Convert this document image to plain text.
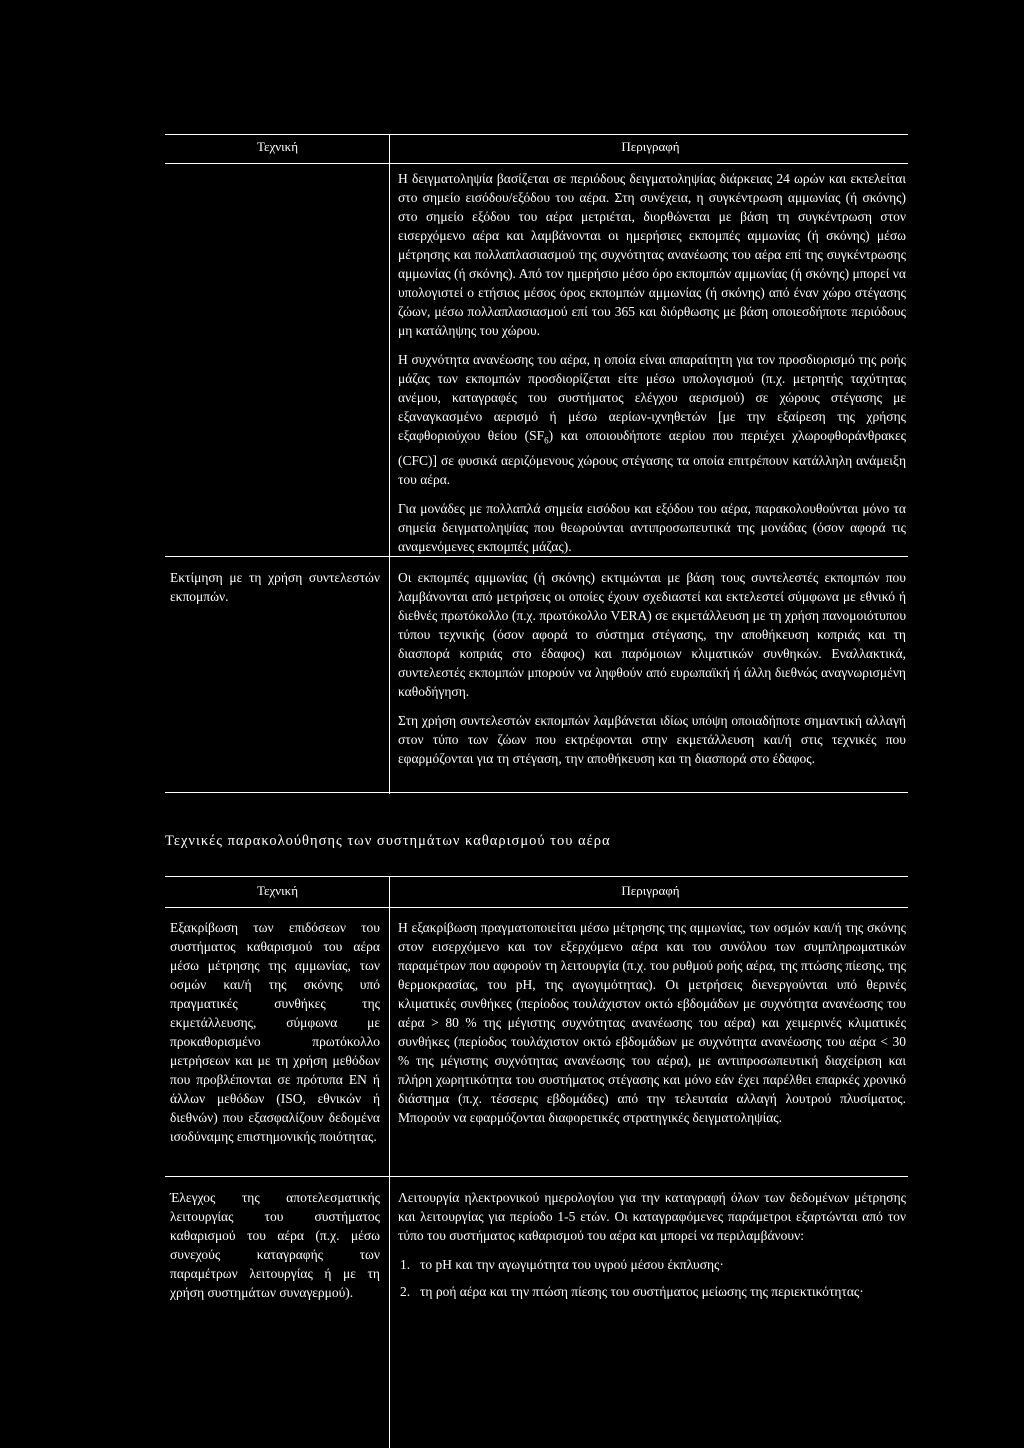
Τεχνική	Περιγραφή

Η δειγματοληψία βασίζεται σε περιόδους δειγματοληψίας διάρκειας 24 ωρών και εκτελείται στο σημείο εισόδου/εξόδου του αέρα. Στη συνέχεια, η συγκέντρωση αμμωνίας (ή σκόνης) στο σημείο εξόδου του αέρα μετριέται, διορθώνεται με βάση τη συγκέντρωση στον εισερχόμενο αέρα και λαμβάνονται οι ημερήσιες εκπομπές αμμωνίας (ή σκόνης) μέσω μέτρησης και πολλαπλασιασμού της συχνότητας ανανέωσης του αέρα επί της συγκέντρωσης αμμωνίας (ή σκόνης). Από τον ημερήσιο μέσο όρο εκπομπών αμμωνίας (ή σκόνης) μπορεί να υπολογιστεί ο ετήσιος μέσος όρος εκπομπών αμμωνίας (ή σκόνης) από έναν χώρο στέγασης ζώων, μέσω πολλαπλασιασμού επί του 365 και διόρθωσης με βάση οποιεσδήποτε περιόδους μη κατάληψης του χώρου.

Η συχνότητα ανανέωσης του αέρα, η οποία είναι απαραίτητη για τον προσδιορισμό της ροής μάζας των εκπομπών προσδιορίζεται είτε μέσω υπολογισμού (π.χ. μετρητής ταχύτητας ανέμου, καταγραφές του συστήματος ελέγχου αερισμού) σε χώρους στέγασης με εξαναγκασμένο αερισμό ή μέσω αερίων-ιχνηθετών [με την εξαίρεση της χρήσης εξαφθοριούχου θείου $(SF_6)$ και οποιουδήποτε αερίου που περιέχει χλωροφθοράνθρακες (CFC)] σε φυσικά αεριζόμενους χώρους στέγασης τα οποία επιτρέπουν κατάλληλη ανάμειξη του αέρα.

Για μονάδες με πολλαπλά σημεία εισόδου και εξόδου του αέρα, παρακολουθούνται μόνο τα σημεία δειγματοληψίας που θεωρούνται αντιπροσωπευτικά της μονάδας (όσον αφορά τις αναμενόμενες εκπομπές μάζας).

Εκτίμηση με τη χρήση συντελεστών εκπομπών.

Οι εκπομπές αμμωνίας (ή σκόνης) εκτιμώνται με βάση τους συντελεστές εκπομπών που λαμβάνονται από μετρήσεις οι οποίες έχουν σχεδιαστεί και εκτελεστεί σύμφωνα με εθνικό ή διεθνές πρωτόκολλο (π.χ. πρωτόκολλο VERA) σε εκμετάλλευση με τη χρήση πανομοιότυπου τύπου τεχνικής (όσον αφορά το σύστημα στέγασης, την αποθήκευση κοπριάς και τη διασπορά κοπριάς στο έδαφος) και παρόμοιων κλιματικών συνθηκών. Εναλλακτικά, συντελεστές εκπομπών μπορούν να ληφθούν από ευρωπαϊκή ή άλλη διεθνώς αναγνωρισμένη καθοδήγηση.

Στη χρήση συντελεστών εκπομπών λαμβάνεται ιδίως υπόψη οποιαδήποτε σημαντική αλλαγή στον τύπο των ζώων που εκτρέφονται στην εκμετάλλευση και/ή στις τεχνικές που εφαρμόζονται για τη στέγαση, την αποθήκευση και τη διασπορά στο έδαφος.

Τεχνικές παρακολούθησης των συστημάτων καθαρισμού του αέρα
Τεχνική	Περιγραφή
Εξακρίβωση των επιδόσεων του συστήματος καθαρισμού του αέρα μέσω μέτρησης της αμμωνίας, των οσμών και/ή της σκόνης υπό πραγματικές συνθήκες της εκμετάλλευσης, σύμφωνα με προκαθορισμένο πρωτόκολλο μετρήσεων και με τη χρήση μεθόδων που προβλέπονται σε πρότυπα EN ή άλλων μεθόδων (ISO, εθνικών ή διεθνών) που εξασφαλίζουν δεδομένα ισοδύναμης επιστημονικής ποιότητας.
Η εξακρίβωση πραγματοποιείται μέσω μέτρησης της αμμωνίας, των οσμών και/ή της σκόνης στον εισερχόμενο και τον εξερχόμενο αέρα και του συνόλου των συμπληρωματικών παραμέτρων που αφορούν τη λειτουργία (π.χ. του ρυθμού ροής αέρα, της πτώσης πίεσης, της θερμοκρασίας, του pH, της αγωγιμότητας). Οι μετρήσεις διενεργούνται υπό θερινές κλιματικές συνθήκες (περίοδος τουλάχιστον οκτώ εβδομάδων με συχνότητα ανανέωσης του αέρα > 80 % της μέγιστης συχνότητας ανανέωσης του αέρα) και χειμερινές κλιματικές συνθήκες (περίοδος τουλάχιστον οκτώ εβδομάδων με συχνότητα ανανέωσης του αέρα < 30 % της μέγιστης συχνότητας ανανέωσης του αέρα), με αντιπροσωπευτική διαχείριση και πλήρη χωρητικότητα του συστήματος στέγασης και μόνο εάν έχει παρέλθει επαρκές χρονικό διάστημα (π.χ. τέσσερις εβδομάδες) από την τελευταία αλλαγή λουτρού πλυσίματος. Μπορούν να εφαρμόζονται διαφορετικές στρατηγικές δειγματοληψίας.
Έλεγχος της αποτελεσματικής λειτουργίας του συστήματος καθαρισμού του αέρα (π.χ. μέσω συνεχούς καταγραφής των παραμέτρων λειτουργίας ή με τη χρήση συστημάτων συναγερμού).

Λειτουργία ηλεκτρονικού ημερολογίου για την καταγραφή όλων των δεδομένων μέτρησης και λειτουργίας για περίοδο 1-5 ετών. Οι καταγραφόμενες παράμετροι εξαρτώνται από τον τύπο του συστήματος καθαρισμού του αέρα και μπορεί να περιλαμβάνουν:

1. το pH και την αγωγιμότητα του υγρού μέσου έκπλυσης·
2. τη ροή αέρα και την πτώση πίεσης του συστήματος μείωσης της περιεκτικότητας·
